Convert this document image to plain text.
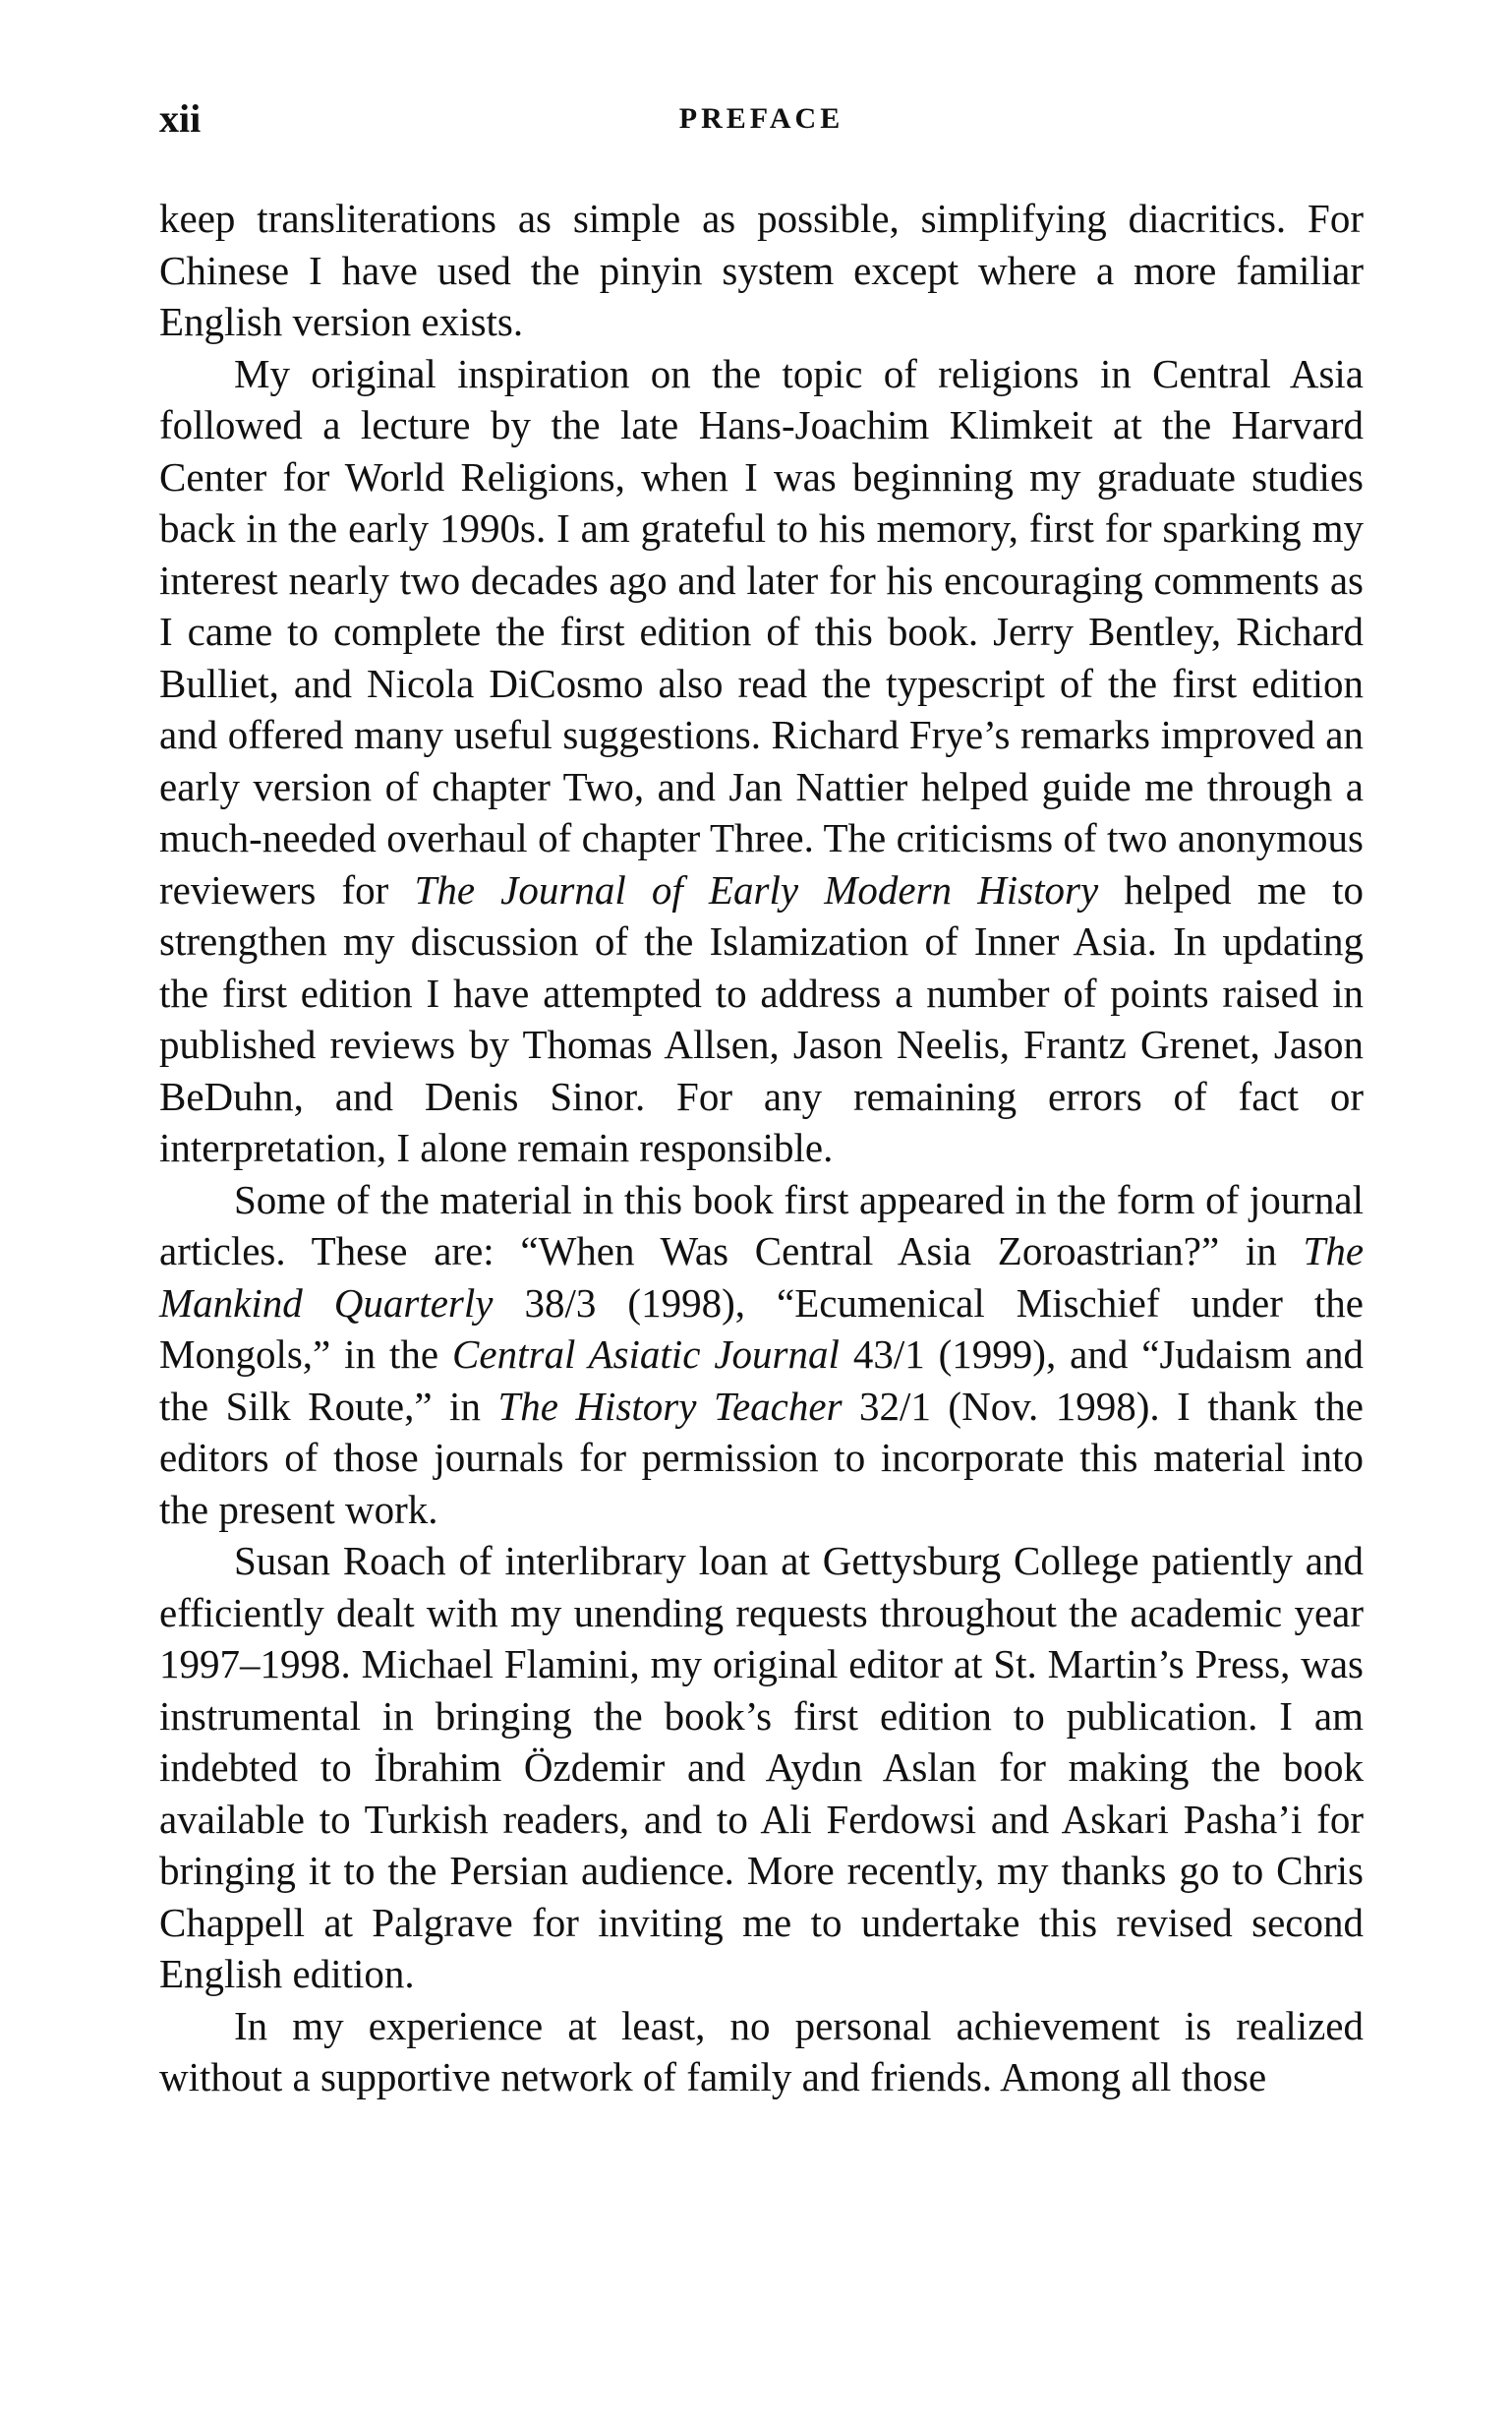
xii	PREFACE

keep transliterations as simple as possible, simplifying diacritics. For Chinese I have used the pinyin system except where a more familiar English version exists.

My original inspiration on the topic of religions in Central Asia followed a lecture by the late Hans-Joachim Klimkeit at the Harvard Center for World Religions, when I was beginning my graduate studies back in the early 1990s. I am grateful to his memory, first for sparking my interest nearly two decades ago and later for his encouraging comments as I came to complete the first edition of this book. Jerry Bentley, Richard Bulliet, and Nicola DiCosmo also read the typescript of the first edition and offered many useful suggestions. Richard Frye’s remarks improved an early version of chapter Two, and Jan Nattier helped guide me through a much-needed overhaul of chapter Three. The criticisms of two anonymous reviewers for The Journal of Early Modern History helped me to strengthen my discussion of the Islamization of Inner Asia. In updating the first edition I have attempted to address a number of points raised in published reviews by Thomas Allsen, Jason Neelis, Frantz Grenet, Jason BeDuhn, and Denis Sinor. For any remaining errors of fact or interpretation, I alone remain responsible.

Some of the material in this book first appeared in the form of journal articles. These are: “When Was Central Asia Zoroastrian?” in The Mankind Quarterly 38/3 (1998), “Ecumenical Mischief under the Mongols,” in the Central Asiatic Journal 43/1 (1999), and “Judaism and the Silk Route,” in The History Teacher 32/1 (Nov. 1998). I thank the editors of those journals for permission to incorporate this material into the present work.

Susan Roach of interlibrary loan at Gettysburg College patiently and efficiently dealt with my unending requests throughout the academic year 1997–1998. Michael Flamini, my original editor at St. Martin’s Press, was instrumental in bringing the book’s first edition to publication. I am indebted to İbrahim Özdemir and Aydın Aslan for making the book available to Turkish readers, and to Ali Ferdowsi and Askari Pasha’i for bringing it to the Persian audience. More recently, my thanks go to Chris Chappell at Palgrave for inviting me to undertake this revised second English edition.

In my experience at least, no personal achievement is realized without a supportive network of family and friends. Among all those
